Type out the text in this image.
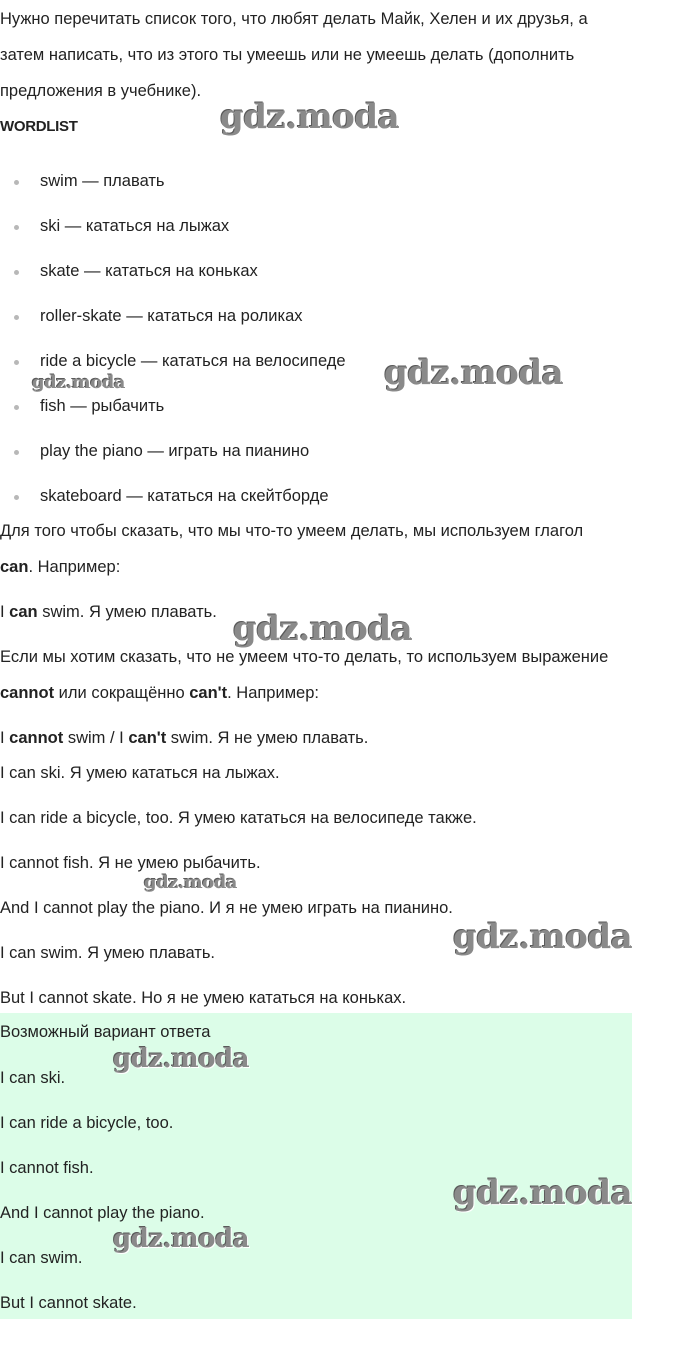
Нужно перечитать список того, что любят делать Майк, Хелен и их друзья, а
затем написать, что из этого ты умеешь или не умеешь делать (дополнить
предложения в учебнике).
WORDLIST
swim — плавать
ski — кататься на лыжах
skate — кататься на коньках
roller-skate — кататься на роликах
ride a bicycle — кататься на велосипеде
fish — рыбачить
play the piano — играть на пианино
skateboard — кататься на скейтборде
Для того чтобы сказать, что мы что-то умеем делать, мы используем глагол
can. Например:
I can swim. Я умею плавать.
Если мы хотим сказать, что не умеем что-то делать, то используем выражение
cannot или сокращённо can't. Например:
I cannot swim / I can't swim. Я не умею плавать.
I can ski. Я умею кататься на лыжах.
I can ride a bicycle, too. Я умею кататься на велосипеде также.
I cannot fish. Я не умею рыбачить.
And I cannot play the piano. И я не умею играть на пианино.
I can swim. Я умею плавать.
But I cannot skate. Но я не умею кататься на коньках.
Возможный вариант ответа
I can ski.
I can ride a bicycle, too.
I cannot fish.
And I cannot play the piano.
I can swim.
But I cannot skate.
gdz.moda
gdz.moda
gdz.moda
gdz.moda
gdz.moda
gdz.moda
gdz.moda
gdz.moda
gdz.moda
